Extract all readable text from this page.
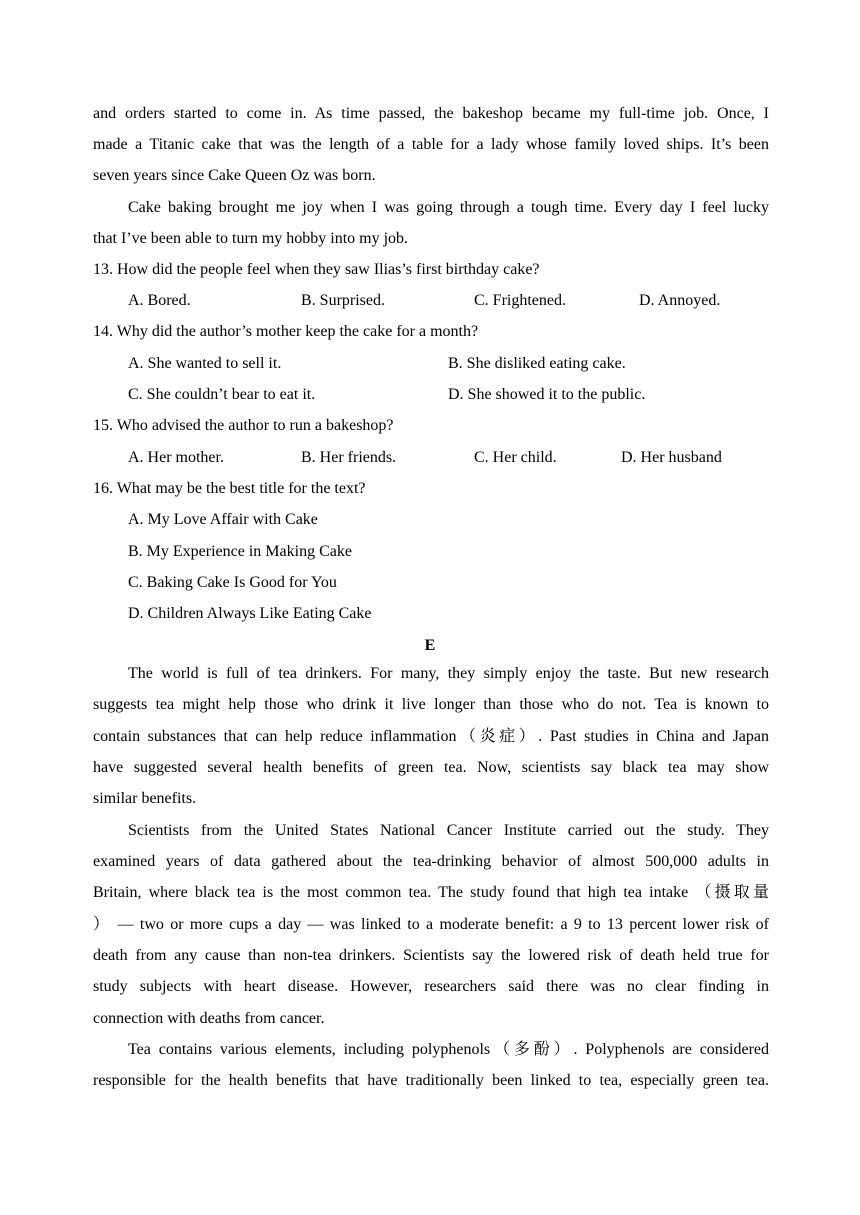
and orders started to come in. As time passed, the bakeshop became my full-time job. Once, I
made a Titanic cake that was the length of a table for a lady whose family loved ships. It’s been
seven years since Cake Queen Oz was born.
Cake baking brought me joy when I was going through a tough time. Every day I feel lucky
that I’ve been able to turn my hobby into my job.
13. How did the people feel when they saw Ilias’s first birthday cake?
A. Bored.	B. Surprised.	C. Frightened.	D. Annoyed.
14. Why did the author’s mother keep the cake for a month?
A. She wanted to sell it.	B. She disliked eating cake.
C. She couldn’t bear to eat it.	D. She showed it to the public.
15. Who advised the author to run a bakeshop?
A. Her mother.	B. Her friends.	C. Her child.	D. Her husband
16. What may be the best title for the text?
A. My Love Affair with Cake
B. My Experience in Making Cake
C. Baking Cake Is Good for You
D. Children Always Like Eating Cake
E
The world is full of tea drinkers. For many, they simply enjoy the taste. But new research
suggests tea might help those who drink it live longer than those who do not. Tea is known to
contain substances that can help reduce inflammation（炎症）. Past studies in China and Japan
have suggested several health benefits of green tea. Now, scientists say black tea may show
similar benefits.
Scientists from the United States National Cancer Institute carried out the study. They
examined years of data gathered about the tea-drinking behavior of almost 500,000 adults in
Britain, where black tea is the most common tea. The study found that high tea intake （摄取量
） — two or more cups a day — was linked to a moderate benefit: a 9 to 13 percent lower risk of
death from any cause than non-tea drinkers. Scientists say the lowered risk of death held true for
study subjects with heart disease. However, researchers said there was no clear finding in
connection with deaths from cancer.
Tea contains various elements, including polyphenols（多酚）. Polyphenols are considered
responsible for the health benefits that have traditionally been linked to tea, especially green tea.
